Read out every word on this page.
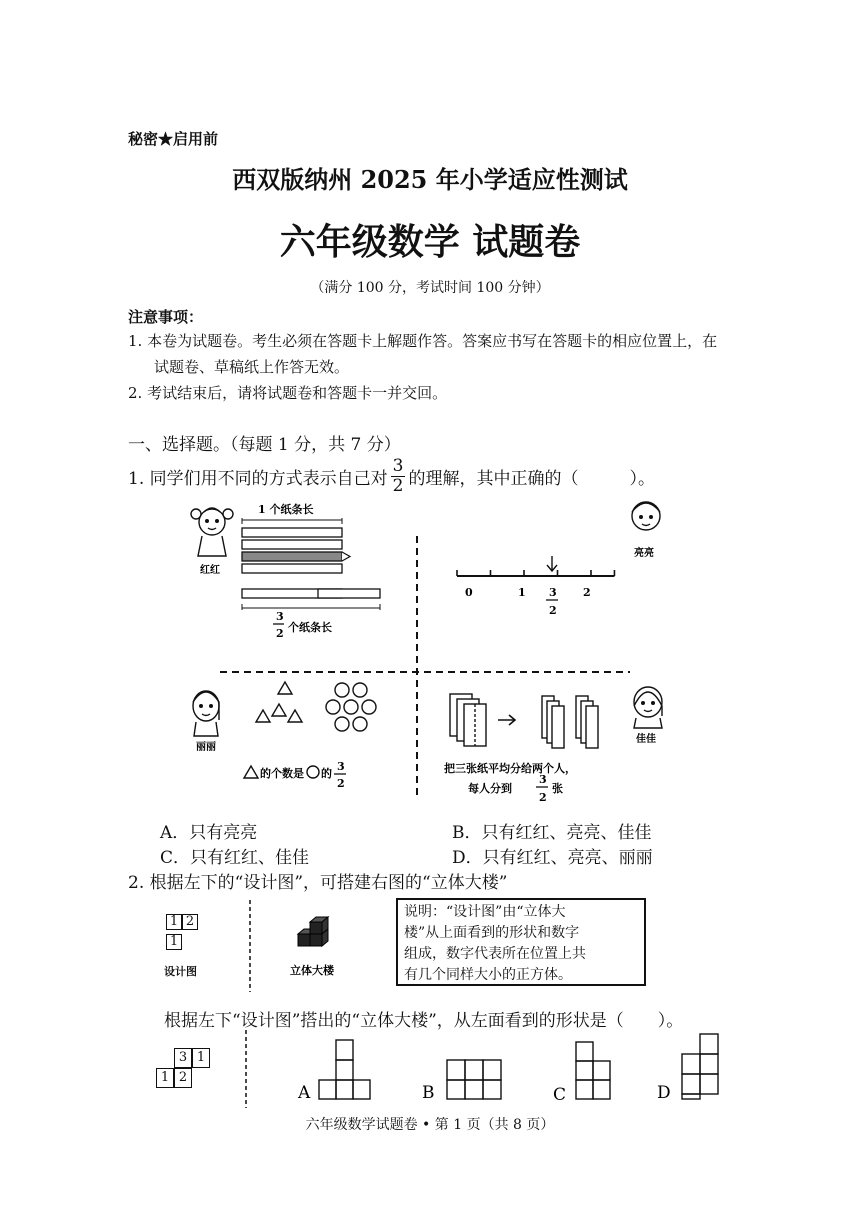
秘密★启用前
西双版纳州 2025 年小学适应性测试
六年级数学 试题卷
（满分 100 分，考试时间 100 分钟）
注意事项：
1. 本卷为试题卷。考生必须在答题卡上解题作答。答案应书写在答题卡的相应位置上，在
试题卷、草稿纸上作答无效。
2. 考试结束后，请将试题卷和答题卡一并交回。
一、选择题。（每题 1 分，共 7 分）
1. 同学们用不同的方式表示自己对 $\frac{3}{2}$ 的理解，其中正确的（　　　）。
红红
1 个纸条长
3
2 个纸条长
亮亮
0	1 3
2
2
丽丽
的个数是 的
3
2
佳佳
把三张纸平均分给两个人，
每人分到
3
2
张
A．只有亮亮	B．只有红红、亮亮、佳佳
C．只有红红、佳佳	D．只有红红、亮亮、丽丽
2. 根据左下的“设计图”，可搭建右图的“立体大楼”
1 2
1
设计图	立体大楼
说明：“设计图”由“立体大
楼”从上面看到的形状和数字
组成，数字代表所在位置上共
有几个同样大小的正方体。
根据左下“设计图”搭出的“立体大楼”，从左面看到的形状是（　　）。
3 1
1 2
A	B	C	D
六年级数学试题卷 • 第 1 页（共 8 页）
